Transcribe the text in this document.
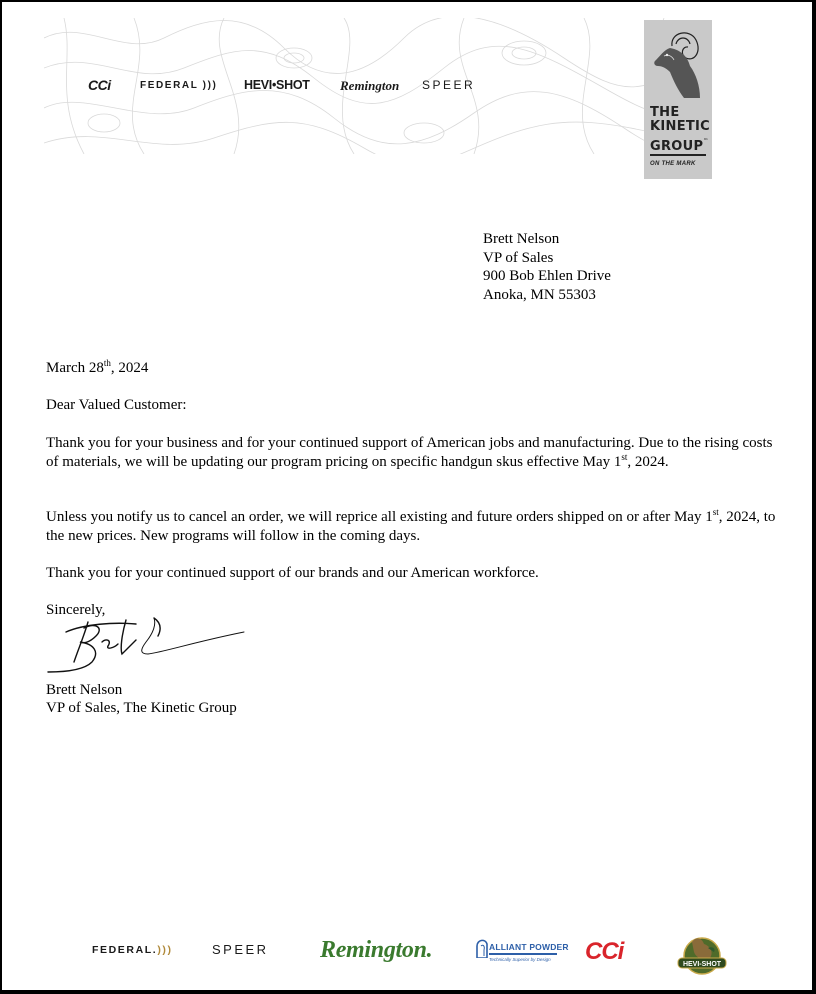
CCi	FEDERAL ))) HEVI•SHOT Remington SPEER
THE
KINETIC
GROUP™
ON THE MARK
Brett Nelson
VP of Sales
900 Bob Ehlen Drive
Anoka, MN 55303
March 28th, 2024
Dear Valued Customer:
Thank you for your business and for your continued support of American jobs and manufacturing. Due to the rising costs of materials, we will be updating our program pricing on specific handgun skus effective May 1st, 2024.
Unless you notify us to cancel an order, we will reprice all existing and future orders shipped on or after May 1st, 2024, to the new prices. New programs will follow in the coming days.
Thank you for your continued support of our brands and our American workforce.
Sincerely,
Brett Nelson
VP of Sales, The Kinetic Group
FEDERAL.)))	SPEER Remington.	ALLIANT POWDER
Technically Superior by Design CCi	HEVI-SHOT
